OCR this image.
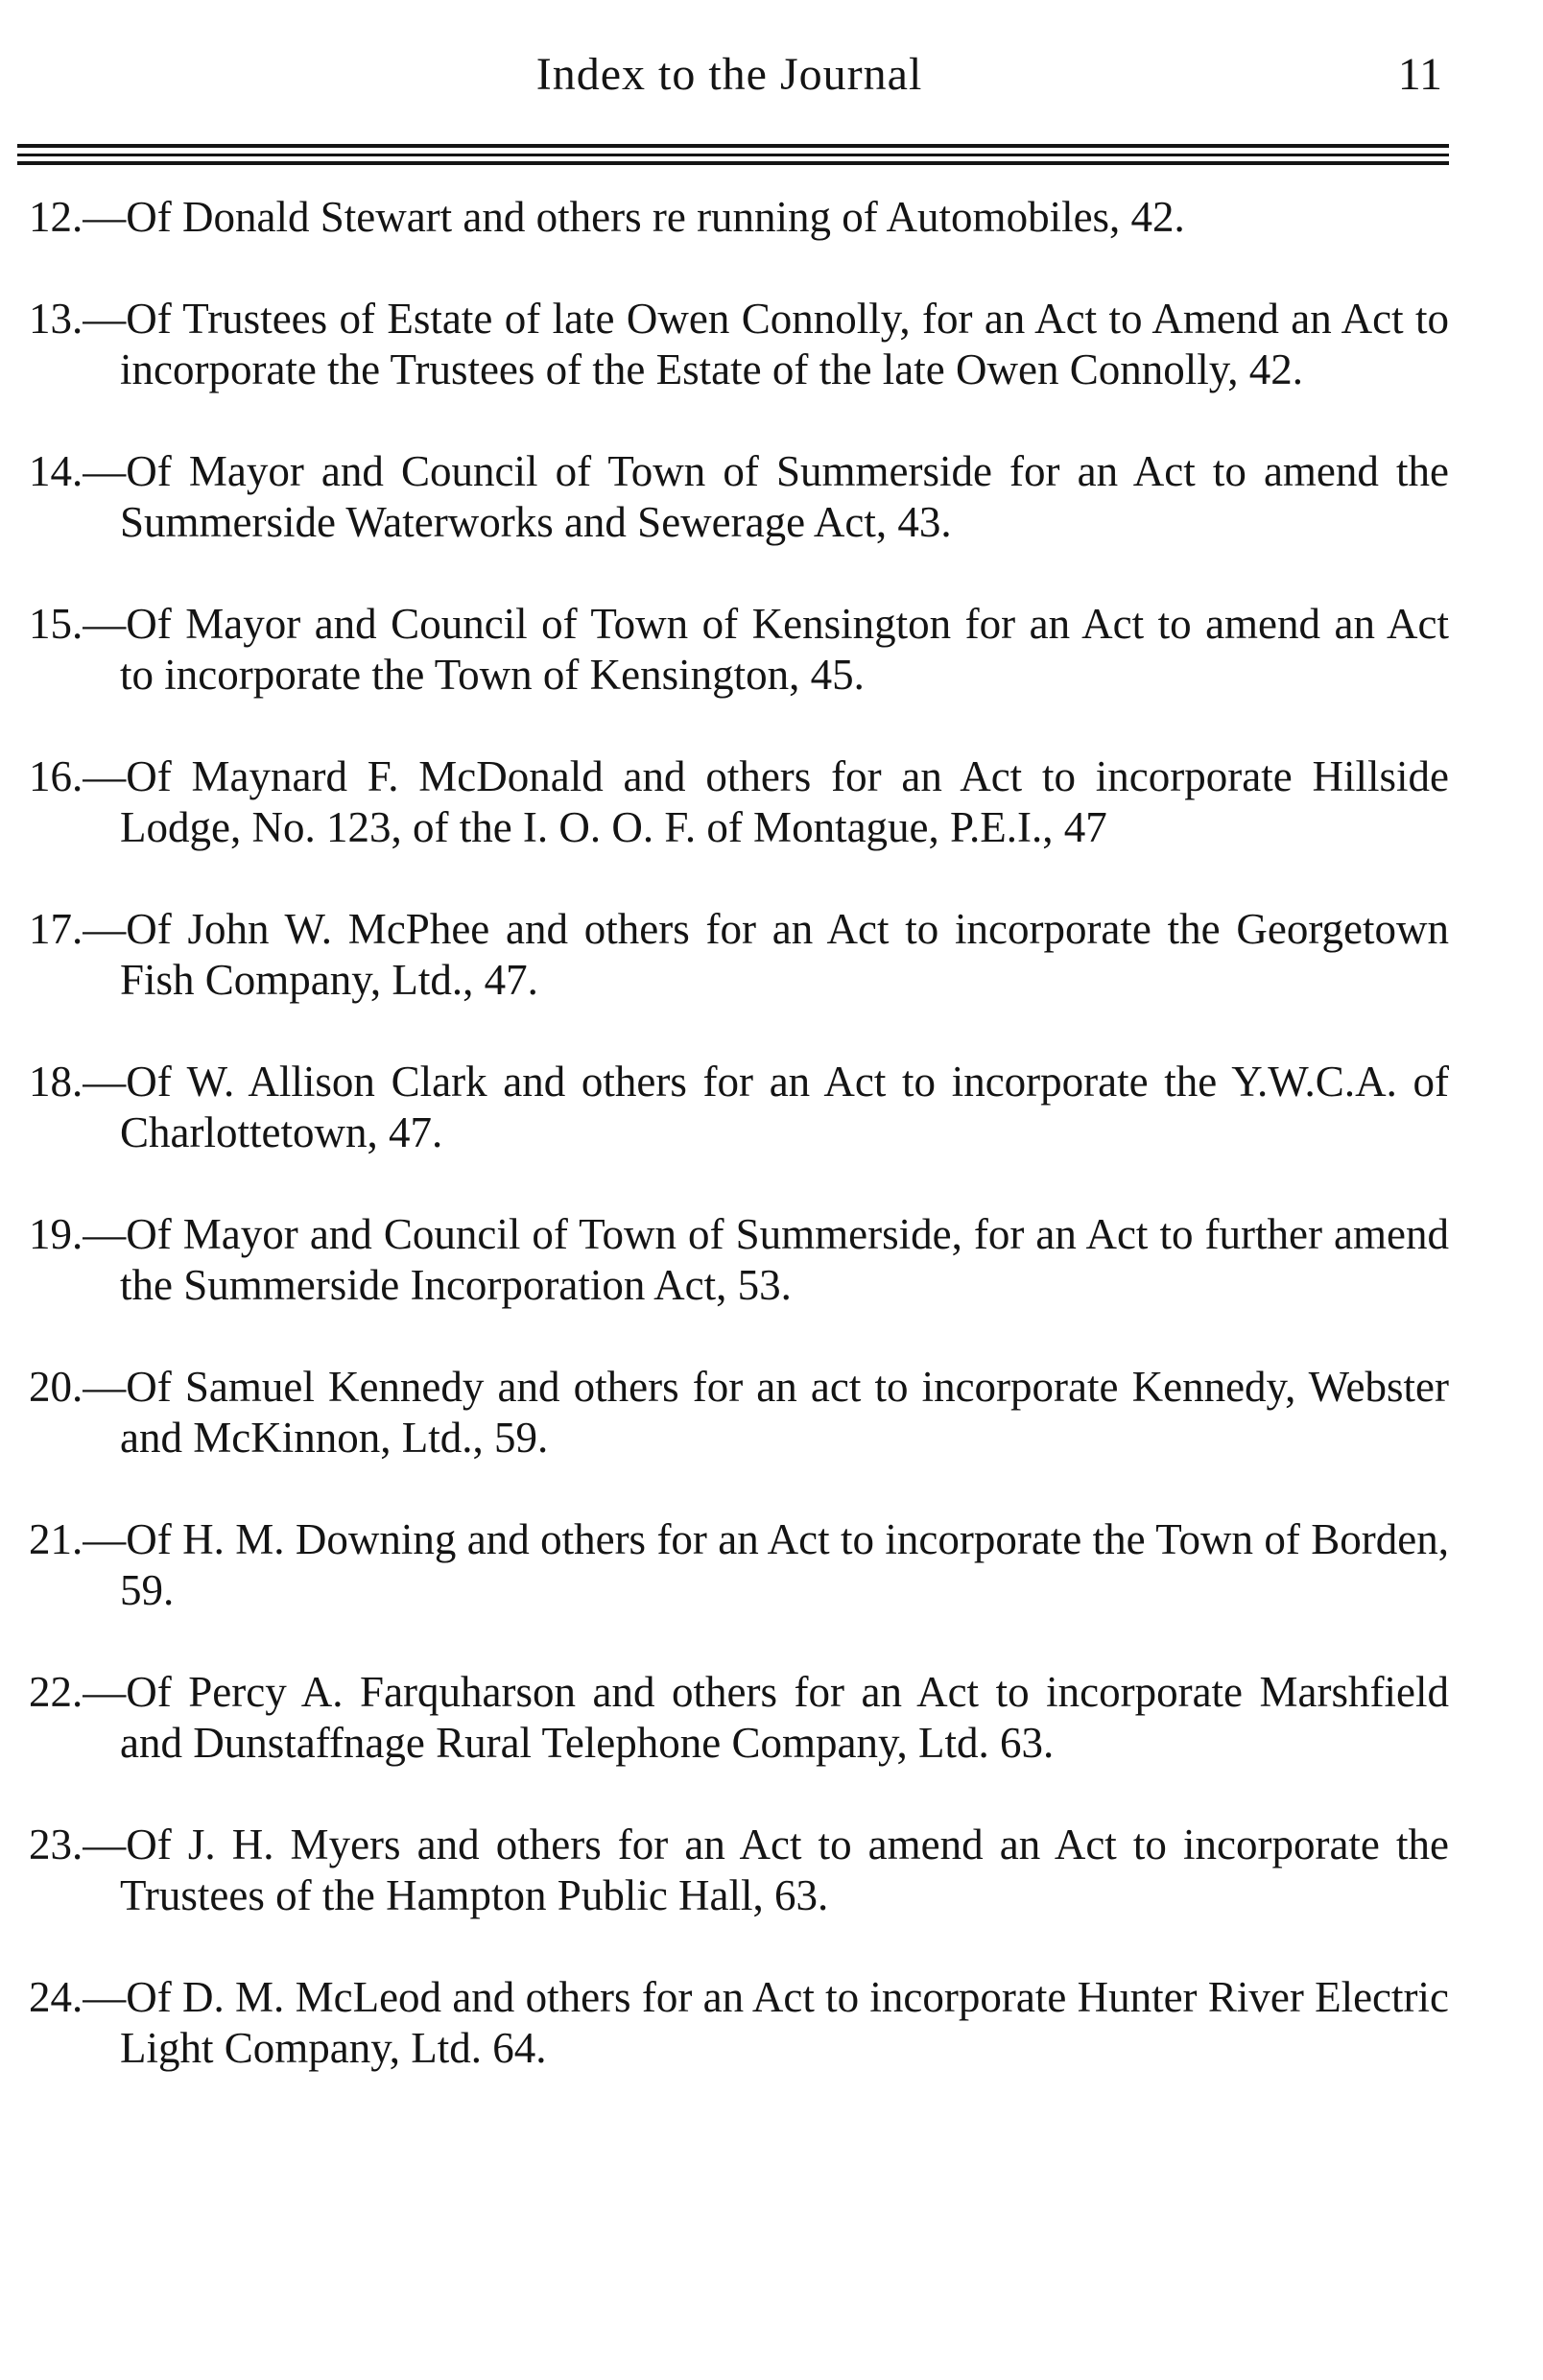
Index to the Journal	11

12.—Of Donald Stewart and others re running of Automobiles, 42.

13.—Of Trustees of Estate of late Owen Connolly, for an Act to Amend an Act to incorporate the Trustees of the Estate of the late Owen Connolly, 42.

14.—Of Mayor and Council of Town of Summerside for an Act to amend the Summerside Waterworks and Sewerage Act, 43.

15.—Of Mayor and Council of Town of Kensington for an Act to amend an Act to incorporate the Town of Kensington, 45.

16.—Of Maynard F. McDonald and others for an Act to incorporate Hillside Lodge, No. 123, of the I. O. O. F. of Montague, P.E.I., 47

17.—Of John W. McPhee and others for an Act to incorporate the Georgetown Fish Company, Ltd., 47.

18.—Of W. Allison Clark and others for an Act to incorporate the Y.W.C.A. of Charlottetown, 47.

19.—Of Mayor and Council of Town of Summerside, for an Act to further amend the Summerside Incorporation Act, 53.

20.—Of Samuel Kennedy and others for an act to incorporate Kennedy, Webster and McKinnon, Ltd., 59.

21.—Of H. M. Downing and others for an Act to incorporate the Town of Borden, 59.

22.—Of Percy A. Farquharson and others for an Act to incorporate Marshfield and Dunstaffnage Rural Telephone Company, Ltd. 63.

23.—Of J. H. Myers and others for an Act to amend an Act to incorporate the Trustees of the Hampton Public Hall, 63.

24.—Of D. M. McLeod and others for an Act to incorporate Hunter River Electric Light Company, Ltd. 64.
